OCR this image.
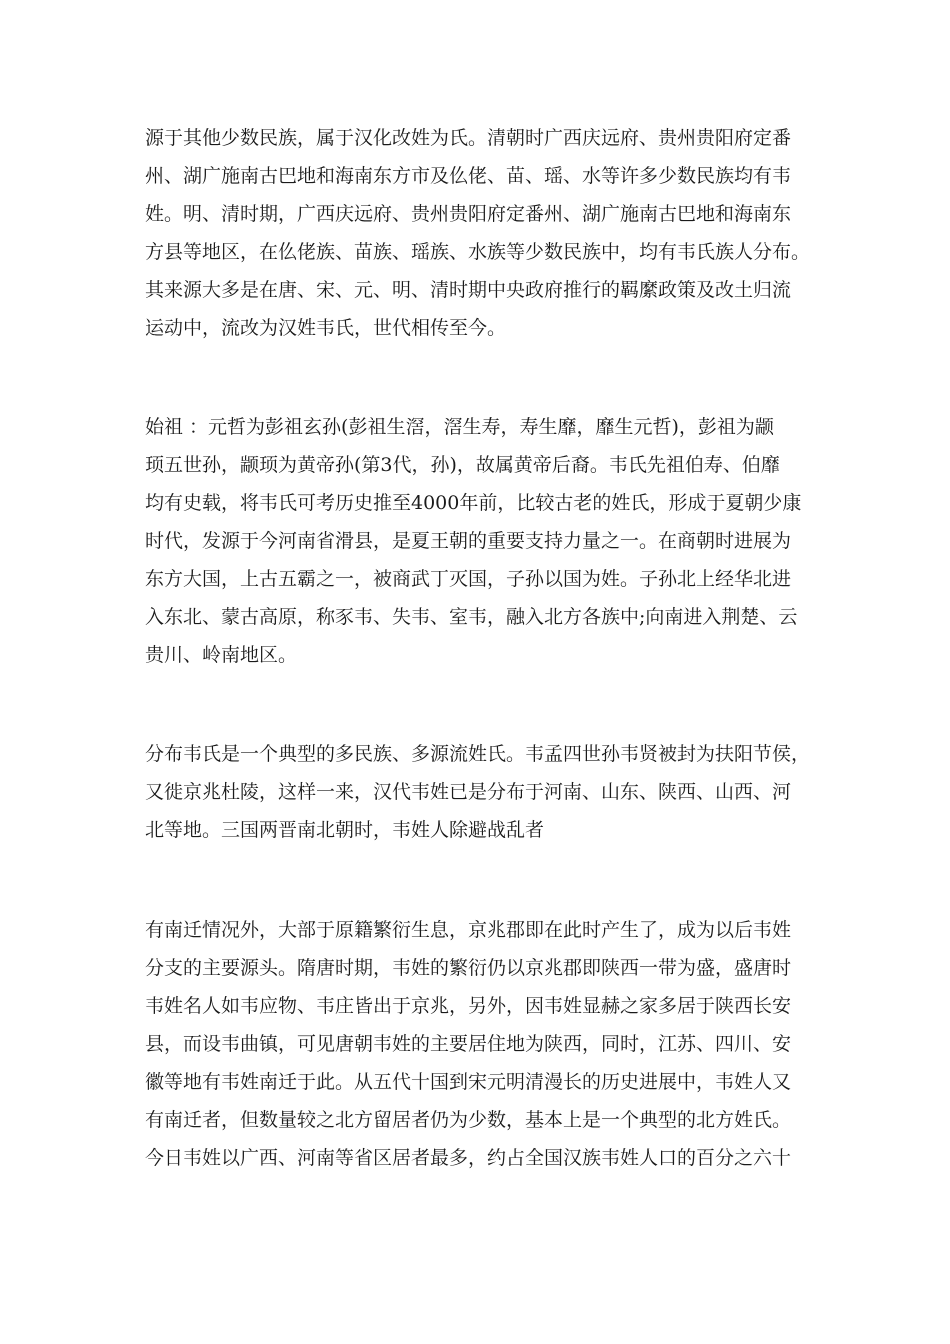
源于其他少数民族，属于汉化改姓为氏。清朝时广西庆远府、贵州贵阳府定番
州、湖广施南古巴地和海南东方市及仫佬、苗、瑶、水等许多少数民族均有韦
姓。明、清时期，广西庆远府、贵州贵阳府定番州、湖广施南古巴地和海南东
方县等地区，在仫佬族、苗族、瑶族、水族等少数民族中，均有韦氏族人分布。
其来源大多是在唐、宋、元、明、清时期中央政府推行的羁縻政策及改土归流
运动中，流改为汉姓韦氏，世代相传至今。
始祖 ：元哲为彭祖玄孙(彭祖生滘，滘生寿，寿生靡，靡生元哲)，彭祖为颛
顼五世孙，颛顼为黄帝孙(第3代，孙)，故属黄帝后裔。韦氏先祖伯寿、伯靡
均有史载，将韦氏可考历史推至4000年前，比较古老的姓氏，形成于夏朝少康
时代，发源于今河南省滑县，是夏王朝的重要支持力量之一。在商朝时进展为
东方大国，上古五霸之一，被商武丁灭国，子孙以国为姓。子孙北上经华北进
入东北、蒙古高原，称豕韦、失韦、室韦，融入北方各族中;向南进入荆楚、云
贵川、岭南地区。
分布韦氏是一个典型的多民族、多源流姓氏。韦孟四世孙韦贤被封为扶阳节侯，
又徙京兆杜陵，这样一来，汉代韦姓已是分布于河南、山东、陕西、山西、河
北等地。三国两晋南北朝时，韦姓人除避战乱者
有南迁情况外，大部于原籍繁衍生息，京兆郡即在此时产生了，成为以后韦姓
分支的主要源头。隋唐时期，韦姓的繁衍仍以京兆郡即陕西一带为盛，盛唐时
韦姓名人如韦应物、韦庄皆出于京兆，另外，因韦姓显赫之家多居于陕西长安
县，而设韦曲镇，可见唐朝韦姓的主要居住地为陕西，同时，江苏、四川、安
徽等地有韦姓南迁于此。从五代十国到宋元明清漫长的历史进展中，韦姓人又
有南迁者，但数量较之北方留居者仍为少数，基本上是一个典型的北方姓氏。
今日韦姓以广西、河南等省区居者最多，约占全国汉族韦姓人口的百分之六十
